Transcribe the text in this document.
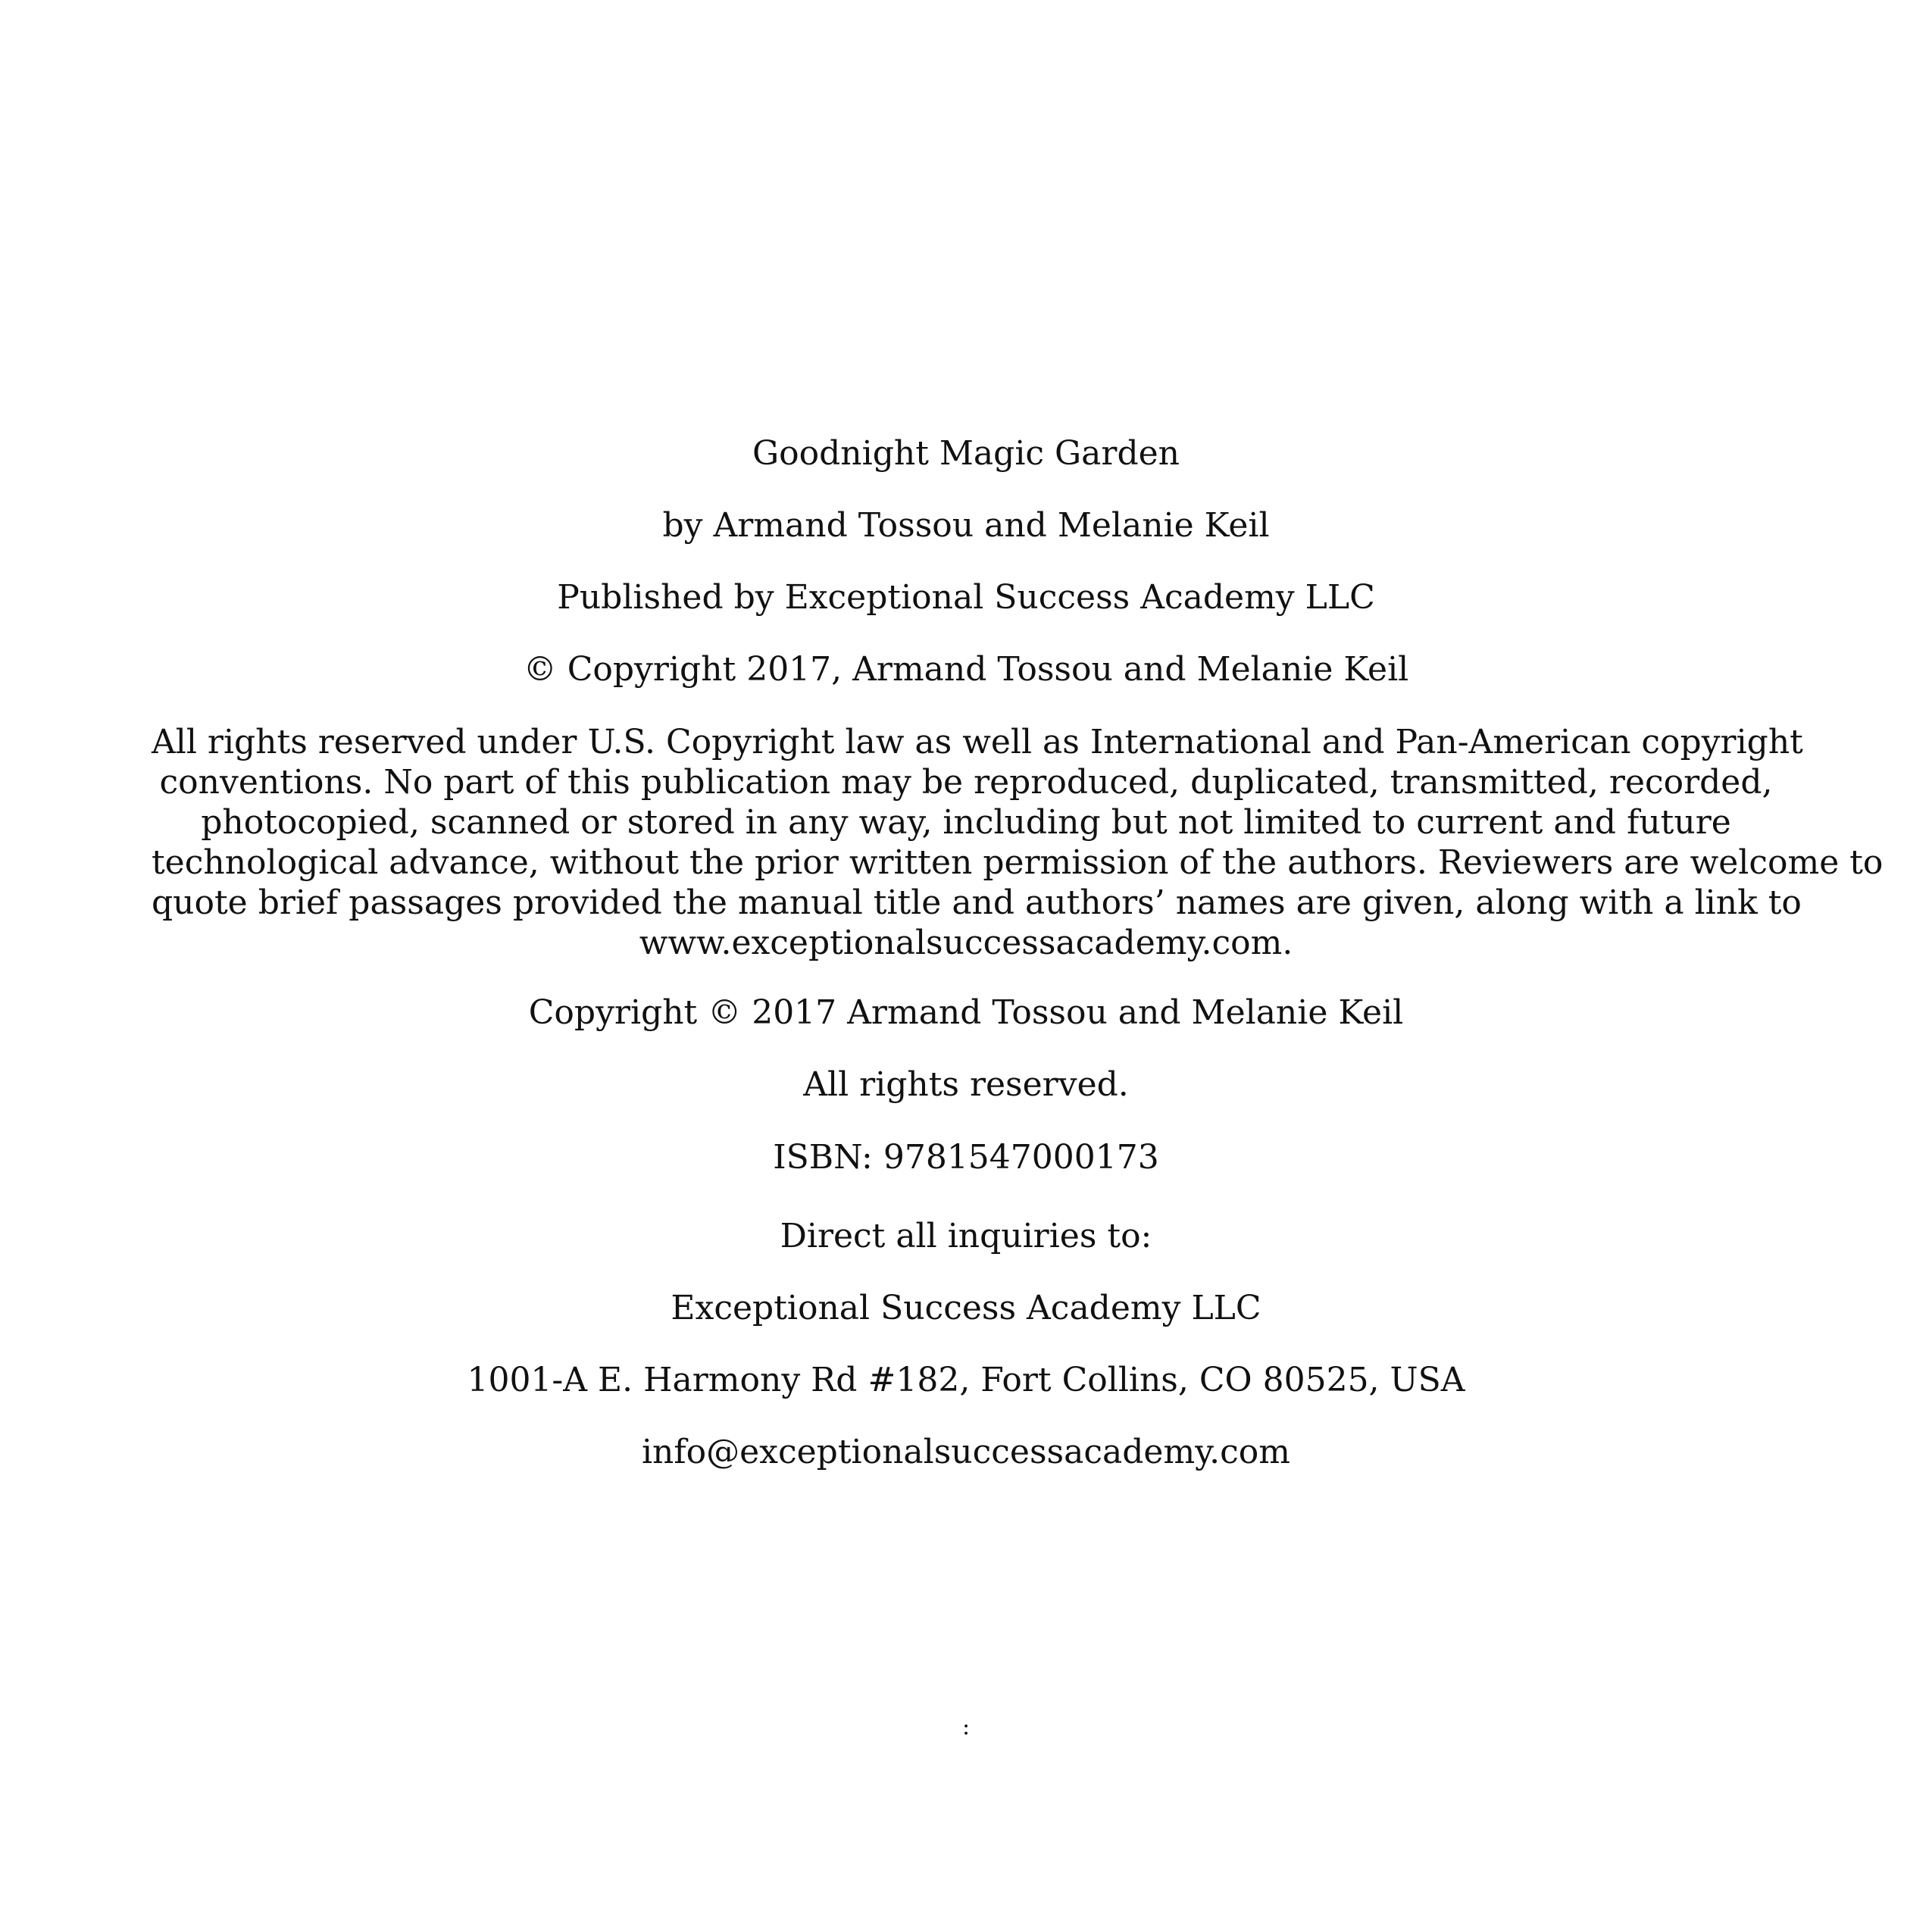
Goodnight Magic Garden
by Armand Tossou and Melanie Keil
Published by Exceptional Success Academy LLC
© Copyright 2017, Armand Tossou and Melanie Keil
All rights reserved under U.S. Copyright law as well as International and Pan-American copyright
conventions. No part of this publication may be reproduced, duplicated, transmitted, recorded,
photocopied, scanned or stored in any way, including but not limited to current and future
technological advance, without the prior written permission of the authors. Reviewers are welcome to
quote brief passages provided the manual title and authors’ names are given, along with a link to
www.exceptionalsuccessacademy.com.
Copyright © 2017 Armand Tossou and Melanie Keil
All rights reserved.
ISBN: 9781547000173
Direct all inquiries to:
Exceptional Success Academy LLC
1001-A E. Harmony Rd #182, Fort Collins, CO 80525, USA
info@exceptionalsuccessacademy.com
:
